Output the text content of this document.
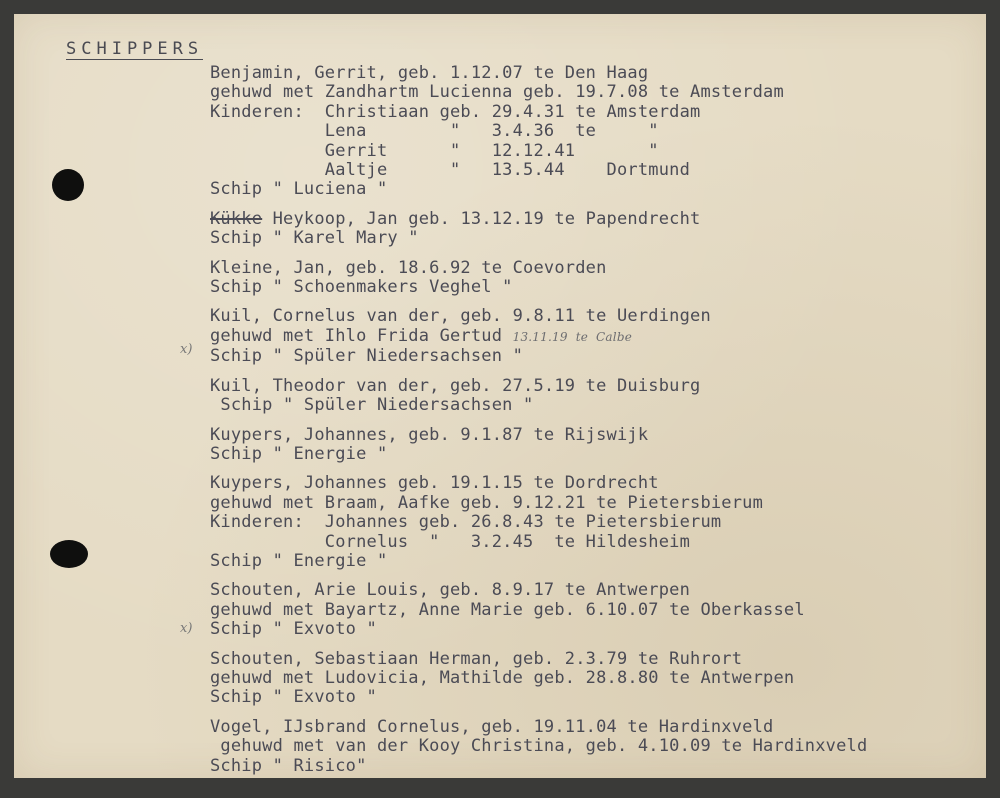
SCHIPPERS
x)
x)
Benjamin, Gerrit, geb. 1.12.07 te Den Haag
gehuwd met Zandhartm Lucienna geb. 19.7.08 te Amsterdam
Kinderen:  Christiaan geb. 29.4.31 te Amsterdam
Lena        "   3.4.36  te     "
Gerrit      "   12.12.41       "
Aaltje      "   13.5.44    Dortmund
Schip " Luciena "
Kükke Heykoop, Jan geb. 13.12.19 te Papendrecht
Schip " Karel Mary "
Kleine, Jan, geb. 18.6.92 te Coevorden
Schip " Schoenmakers Veghel "
Kuil, Cornelus van der, geb. 9.8.11 te Uerdingen
gehuwd met Ihlo Frida Gertud 13.11.19  te  Calbe
Schip " Spüler Niedersachsen "
Kuil, Theodor van der, geb. 27.5.19 te Duisburg
Schip " Spüler Niedersachsen "
Kuypers, Johannes, geb. 9.1.87 te Rijswijk
Schip " Energie "
Kuypers, Johannes geb. 19.1.15 te Dordrecht
gehuwd met Braam, Aafke geb. 9.12.21 te Pietersbierum
Kinderen:  Johannes geb. 26.8.43 te Pietersbierum
Cornelus  "   3.2.45  te Hildesheim
Schip " Energie "
Schouten, Arie Louis, geb. 8.9.17 te Antwerpen
gehuwd met Bayartz, Anne Marie geb. 6.10.07 te Oberkassel
Schip " Exvoto "
Schouten, Sebastiaan Herman, geb. 2.3.79 te Ruhrort
gehuwd met Ludovicia, Mathilde geb. 28.8.80 te Antwerpen
Schip " Exvoto "
Vogel, IJsbrand Cornelus, geb. 19.11.04 te Hardinxveld
gehuwd met van der Kooy Christina, geb. 4.10.09 te Hardinxveld
Schip " Risico"
